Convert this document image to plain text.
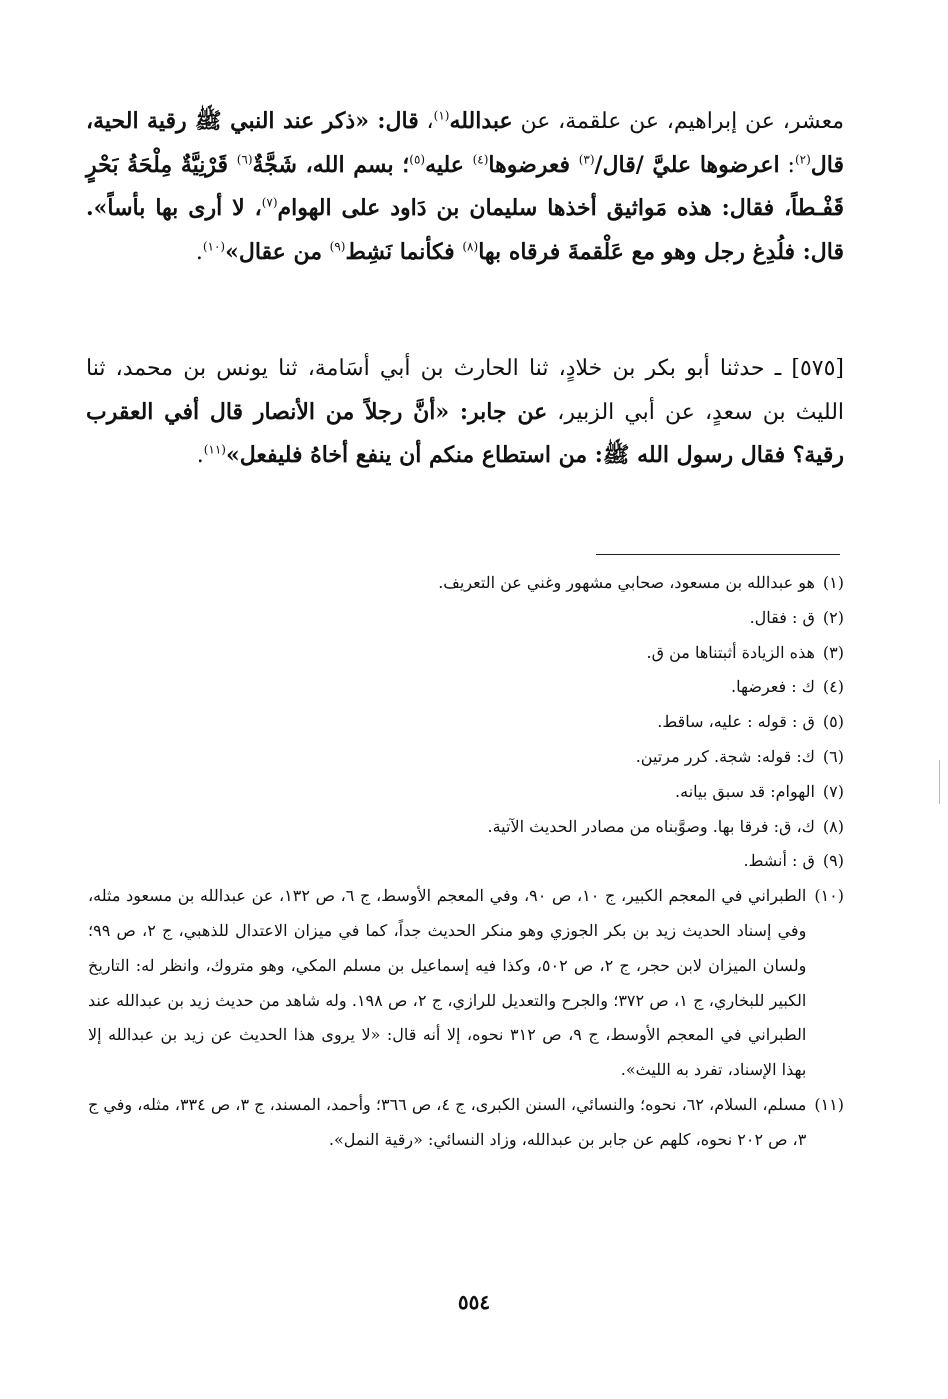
معشر، عن إبراهيم، عن علقمة، عن عبدالله$^{(١)}$، قال: «ذكر عند النبي ﷺ رقية الحية، قال$^{(٢)}$: اعرضوها عليَّ /قال/$^{(٣)}$ فعرضوها$^{(٤)}$ عليه$^{(٥)}$؛ بسم الله، شَجَّةٌ$^{(٦)}$ قَرْنِيَّةٌ مِلْحَةُ بَحْرٍ قَفْـطاً، فقال: هذه مَواثيق أخذها سليمان بن دَاود على الهوام$^{(٧)}$، لا أرى بها بأساً». قال: فلُدِغ رجل وهو مع عَلْقمةَ فرقاه بها$^{(٨)}$ فكأنما نَشِط$^{(٩)}$ من عقال»$^{(١٠)}$.
[٥٧٥] ـ حدثنا أبو بكر بن خلادٍ، ثنا الحارث بن أبي أسَامة، ثنا يونس بن محمد، ثنا الليث بن سعدٍ، عن أبي الزبير، عن جابر: «أنَّ رجلاً من الأنصار قال أفي العقرب رقية؟ فقال رسول الله ﷺ: من استطاع منكم أن ينفع أخاهُ فليفعل»$^{(١١)}$.
(١)
هو عبدالله بن مسعود، صحابي مشهور وغني عن التعريف.
(٢)
ق : فقال.
(٣)
هذه الزيادة أثبتناها من ق.
(٤)
ك : فعرضها.
(٥)
ق : قوله : عليه، ساقط.
(٦)
ك: قوله: شجة. كرر مرتين.
(٧)
الهوام: قد سبق بيانه.
(٨)
ك، ق: فرقا بها. وصوَّبناه من مصادر الحديث الآتية.
(٩)
ق : أنشط.
(١٠)
الطبراني في المعجم الكبير، ج ١٠، ص ٩٠، وفي المعجم الأوسط، ج ٦، ص ١٣٢، عن عبدالله بن مسعود مثله، وفي إسناد الحديث زيد بن بكر الجوزي وهو منكر الحديث جداً، كما في ميزان الاعتدال للذهبي، ج ٢، ص ٩٩؛ ولسان الميزان لابن حجر، ج ٢، ص ٥٠٢، وكذا فيه إسماعيل بن مسلم المكي، وهو متروك، وانظر له: التاريخ الكبير للبخاري، ج ١، ص ٣٧٢؛ والجرح والتعديل للرازي، ج ٢، ص ١٩٨. وله شاهد من حديث زيد بن عبدالله عند الطبراني في المعجم الأوسط، ج ٩، ص ٣١٢ نحوه، إلا أنه قال: «لا يروى هذا الحديث عن زيد بن عبدالله إلا بهذا الإسناد، تفرد به الليث».
(١١)
مسلم، السلام، ٦٢، نحوه؛ والنسائي، السنن الكبرى، ج ٤، ص ٣٦٦؛ وأحمد، المسند، ج ٣، ص ٣٣٤، مثله، وفي ج ٣، ص ٢٠٢ نحوه، كلهم عن جابر بن عبدالله، وزاد النسائي: «رقية النمل».
٥٥٤
